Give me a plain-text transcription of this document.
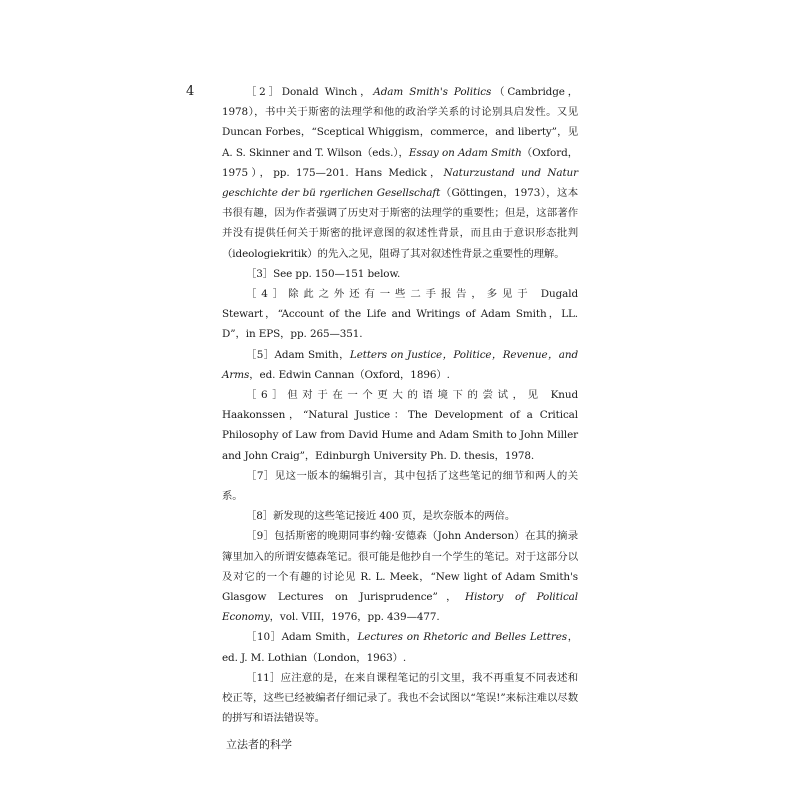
4	［2］Donald Winch，Adam Smith's Politics（Cambridge，1978），书中关于斯密的法理学和他的政治学关系的讨论别具启发性。又见 Duncan Forbes，“Sceptical Whiggism，commerce，and liberty”，见 A. S. Skinner and T. Wilson（eds.），Essay on Adam Smith（Oxford，1975），pp. 175—201. Hans Medick，Naturzustand und Natur geschichte der bü rgerlichen Gesellschaft（Göttingen，1973），这本书很有趣，因为作者强调了历史对于斯密的法理学的重要性；但是，这部著作并没有提供任何关于斯密的批评意图的叙述性背景，而且由于意识形态批判（ideologiekritik）的先入之见，阻碍了其对叙述性背景之重要性的理解。

［3］See pp. 150—151 below.

［4］除此之外还有一些二手报告，多见于 Dugald Stewart，“Account of the Life and Writings of Adam Smith，LL. D”，in EPS，pp. 265—351.

［5］Adam Smith，Letters on Justice，Politice，Revenue，and Arms，ed. Edwin Cannan（Oxford，1896）.

［6］但对于在一个更大的语境下的尝试，见 Knud Haakonssen，“Natural Justice：The Development of a Critical Philosophy of Law from David Hume and Adam Smith to John Miller and John Craig”，Edinburgh University Ph. D. thesis，1978.

［7］见这一版本的编辑引言，其中包括了这些笔记的细节和两人的关系。

［8］新发现的这些笔记接近 400 页，是坎奈版本的两倍。

［9］包括斯密的晚期同事约翰·安德森（John Anderson）在其的摘录簿里加入的所谓安德森笔记。很可能是他抄自一个学生的笔记。对于这部分以及对它的一个有趣的讨论见 R. L. Meek，“New light of Adam Smith's Glasgow Lectures on Jurisprudence”，History of Political Economy，vol. VIII，1976，pp. 439—477.

［10］Adam Smith，Lectures on Rhetoric and Belles Lettres，ed. J. M. Lothian（London，1963）.

［11］应注意的是，在来自课程笔记的引文里，我不再重复不同表述和校正等，这些已经被编者仔细记录了。我也不会试图以“笔误!”来标注难以尽数的拼写和语法错误等。

立法者的科学
